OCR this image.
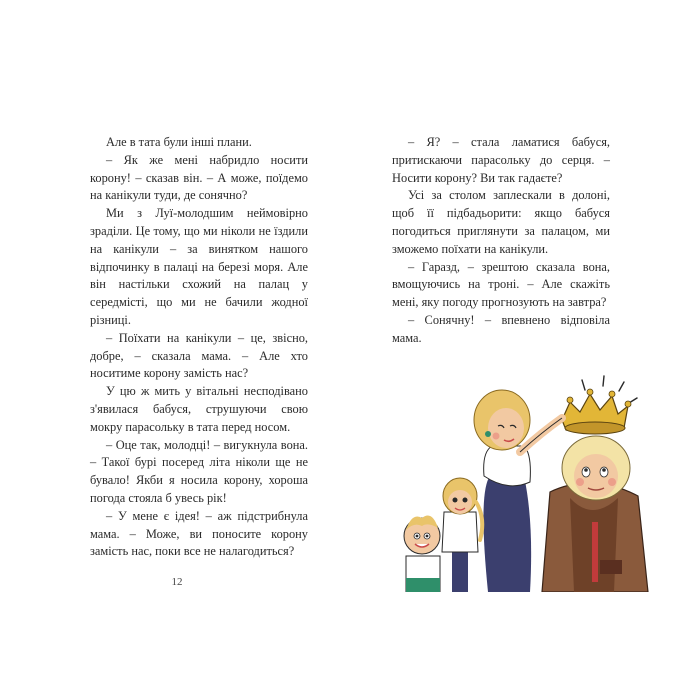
Але в тата були інші плани.

– Як же мені набридло носити корону! – сказав він. – А може, поїдемо на канікули туди, де сонячно?

Ми з Луї-молодшим неймовірно зраділи. Це тому, що ми ніколи не їздили на канікули – за винятком нашого відпочинку в палаці на березі моря. Але він настільки схожий на палац у середмісті, що ми не бачили жодної різниці.

– Поїхати на канікули – це, звісно, добре, – сказала мама. – Але хто носитиме корону замість нас?

У цю ж мить у вітальні несподівано з'явилася бабуся, струшуючи свою мокру парасольку в тата перед носом.

– Оце так, молодці! – вигукнула вона. – Такої бурі посеред літа ніколи ще не бувало! Якби я носила корону, хороша погода стояла б увесь рік!

– У мене є ідея! – аж підстрибнула мама. – Може, ви поносите корону замість нас, поки все не налагодиться?

12

– Я? – стала ламатися бабуся, притискаючи парасольку до серця. – Носити корону? Ви так гадаєте?

Усі за столом заплескали в долоні, щоб її підбадьорити: якщо бабуся погодиться приглянути за палацом, ми зможемо поїхати на канікули.

– Гаразд, – зрештою сказала вона, вмощуючись на троні. – Але скажіть мені, яку погоду прогнозують на завтра?

– Сонячну! – впевнено відповіла мама.
